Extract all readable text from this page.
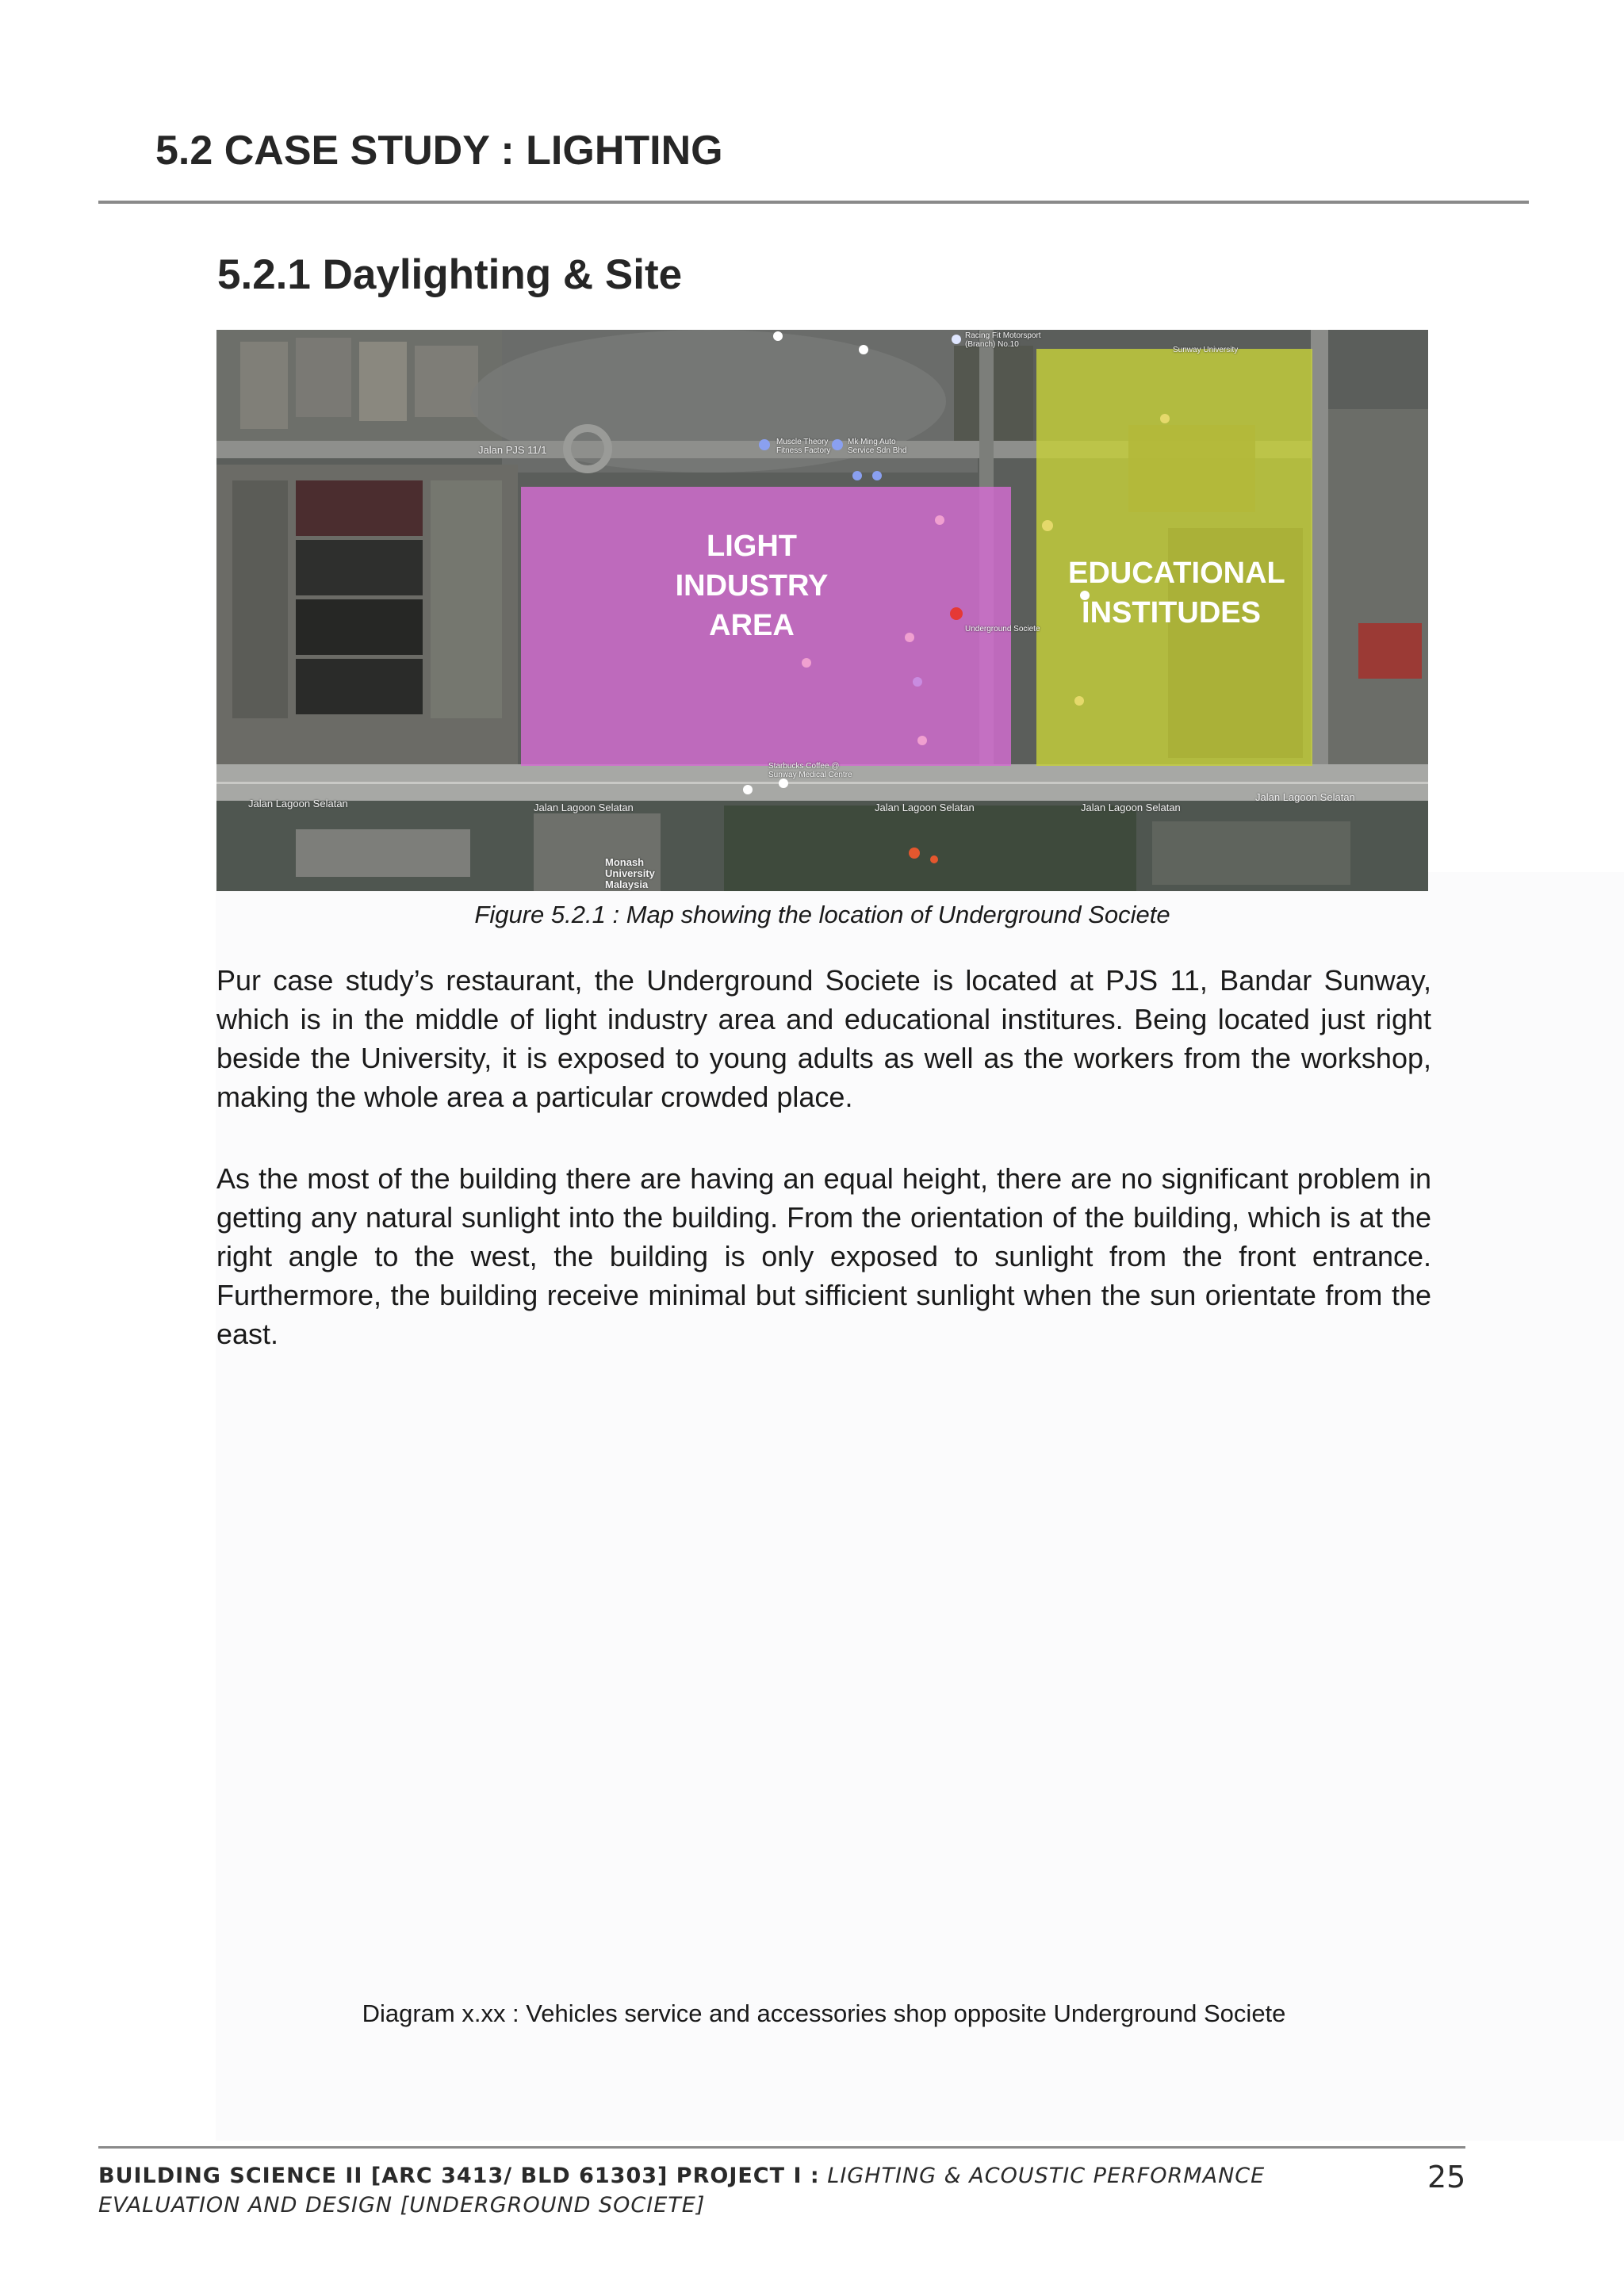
5.2 CASE STUDY : LIGHTING
5.2.1 Daylighting & Site
LIGHT
INDUSTRY
AREA
EDUCATIONAL
INSTITUDES
Jalan Lagoon Selatan	Jalan Lagoon Selatan	Jalan Lagoon Selatan	Jalan Lagoon Selatan
Jalan Lagoon Selatan
Jalan PJS 11/1
Muscle Theory
Fitness Factory
Mk Ming Auto
Service Sdn Bhd
Racing Fit Motorsport
(Branch) No.10
Underground Societe
Starbucks Coffee @
Sunway Medical Centre
Monash
University
Malaysia
Sunway University
Figure 5.2.1 : Map showing the location of Underground Societe

Pur case study’s restaurant, the Underground Societe is located at PJS 11, Bandar Sunway, which is in the middle of light industry area and educational institures. Being located just right beside the University, it is exposed to young adults as well as the workers from the workshop, making the whole area a particular crowded place.

As the most of the building there are having an equal height, there are no significant problem in getting any natural sunlight into the building. From the orientation of the building, which is at the right angle to the west, the building is only exposed to sunlight from the front entrance. Furthermore, the building receive minimal but sifficient sunlight when the sun orientate from the east.

Diagram x.xx : Vehicles service and accessories shop opposite Underground Societe
BUILDING SCIENCE II [ARC 3413/ BLD 61303] PROJECT I : LIGHTING & ACOUSTIC PERFORMANCE EVALUATION AND DESIGN [UNDERGROUND SOCIETE]
25
